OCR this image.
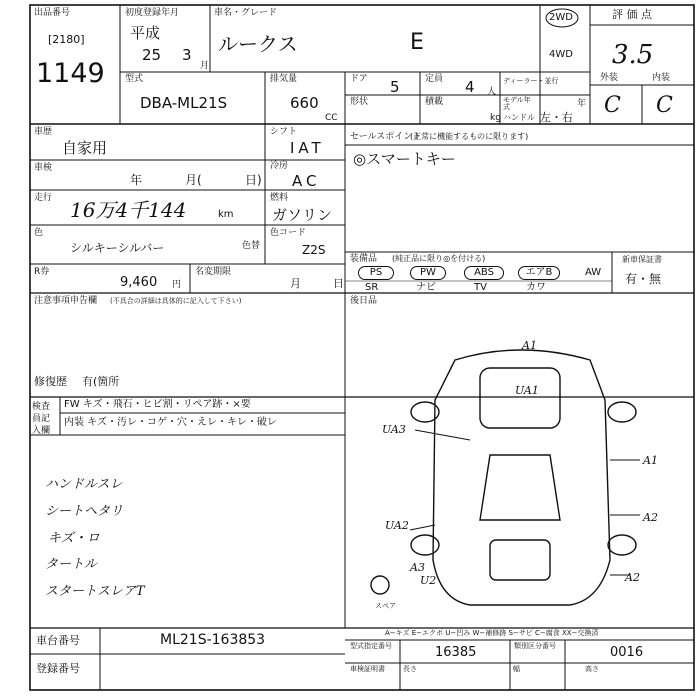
出品番号
[2180]
1149
初度登録年月
平成
25 3
月
車名・グレード
ルークス	E
2WD
4WD
評 価 点
3.5
外装	内装
C C
型式
DBA-ML21S
排気量
660
CC
ドア 5	定員 4 人
ディーラー・並行
モデル年式	年
形状	積載
kg ハンドル 左・右
車歴
自家用
シフト
IAT
車検
年	月(	日)
冷房
AC
走行 16万4千144	km
燃料
ガソリン
色
シルキーシルバー	色替
色コード
Z2S
R券
9,460 円
名変期限
月	日
セールスポイント
(正常に機能するものに限ります)
◎スマートキー
装備品 (純正品に限り◎を付ける)
PS	PW	ABS	エアB	AW
SR	ナビ	TV	カワ
新車保証書
有・無
注意事項申告欄 (不具合の詳細は具体的に記入して下さい)
修復歴 有(箇所
後日品
検査員記入欄
FW キズ・飛石・ヒビ割・リペア跡・×要
内装 キズ・汚レ・コゲ・穴・えレ・キレ・破レ
ハンドルスレ
シートヘタリ
キズ・ロ
タートル
スタートスレアT
A1
UA1
UA3
A1
UA2
A2
A3
U2	A2
スペア
A−キズ E−エクボ U−凹み W−補修跡 S−サビ C−腐食 XX−交換済
車台番号	ML21S-163853
登録番号
型式指定番号	16385	類別区分番号	0016
車検証明書	長さ	幅	高さ
